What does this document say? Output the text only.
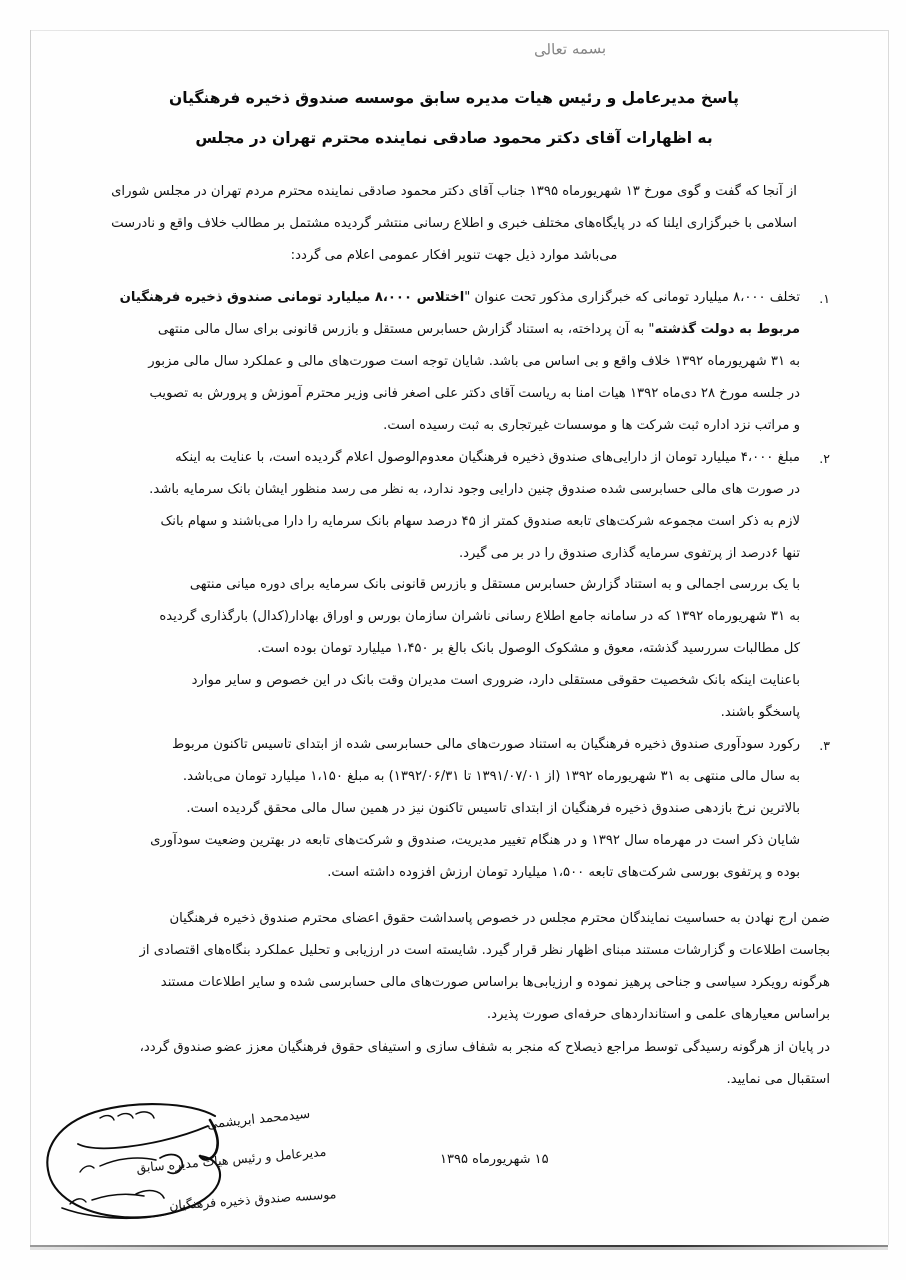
بسمه تعالی
پاسخ مدیرعامل و رئیس هیات مدیره سابق موسسه صندوق ذخیره فرهنگیان
به اظهارات آقای دکتر محمود صادقی نماینده محترم تهران در مجلس
از آنجا که گفت و گوی مورخ ۱۳ شهریورماه ۱۳۹۵ جناب آقای دکتر محمود صادقی نماینده محترم مردم تهران در مجلس شورای
اسلامی با خبرگزاری ایلنا که در پایگاه‌های مختلف خبری و اطلاع رسانی منتشر گردیده مشتمل بر مطالب خلاف واقع و نادرست
می‌باشد موارد ذیل جهت تنویر افکار عمومی اعلام می گردد:
۱.
تخلف ۸،۰۰۰ میلیارد تومانی که خبرگزاری مذکور تحت عنوان "اختلاس ۸،۰۰۰ میلیارد تومانی صندوق ذخیره فرهنگیان
مربوط به دولت گذشته" به آن پرداخته، به استناد گزارش حسابرس مستقل و بازرس قانونی برای سال مالی منتهی
به ۳۱ شهریورماه ۱۳۹۲ خلاف واقع و بی اساس می باشد. شایان توجه است صورت‌های مالی و عملکرد سال مالی مزبور
در جلسه مورخ ۲۸ دی‌ماه ۱۳۹۲ هیات امنا به ریاست آقای دکتر علی اصغر فانی وزیر محترم آموزش و پرورش به تصویب
و مراتب نزد اداره ثبت شرکت ها و موسسات غیرتجاری به ثبت رسیده است.
۲.
مبلغ ۴،۰۰۰ میلیارد تومان از دارایی‌های صندوق ذخیره فرهنگیان معدوم‌الوصول اعلام گردیده است، با عنایت به اینکه
در صورت های مالی حسابرسی شده صندوق چنین دارایی وجود ندارد، به نظر می رسد منظور ایشان بانک سرمایه باشد.
لازم به ذکر است مجموعه شرکت‌های تابعه صندوق کمتر از ۴۵ درصد سهام بانک سرمایه را دارا می‌باشند و سهام بانک
تنها ۶درصد از پرتفوی سرمایه گذاری صندوق را در بر می گیرد.
با یک بررسی اجمالی و به استناد گزارش حسابرس مستقل و بازرس قانونی بانک سرمایه برای دوره میانی منتهی
به ۳۱ شهریورماه ۱۳۹۲ که در سامانه جامع اطلاع رسانی ناشران سازمان بورس و اوراق بهادار(کدال) بارگذاری گردیده
کل مطالبات سررسید گذشته، معوق و مشکوک الوصول بانک بالغ بر ۱،۴۵۰ میلیارد تومان بوده است.
باعنایت اینکه بانک شخصیت حقوقی مستقلی دارد، ضروری است مدیران وقت بانک در این خصوص و سایر موارد
پاسخگو باشند.
۳.
رکورد سودآوری صندوق ذخیره فرهنگیان به استناد صورت‌های مالی حسابرسی شده از ابتدای تاسیس تاکنون مربوط
به سال مالی منتهی به ۳۱ شهریورماه ۱۳۹۲ (از ۱۳۹۱/۰۷/۰۱ تا ۱۳۹۲/۰۶/۳۱) به مبلغ ۱،۱۵۰ میلیارد تومان می‌باشد.
بالاترین نرخ بازدهی صندوق ذخیره فرهنگیان از ابتدای تاسیس تاکنون نیز در همین سال مالی محقق گردیده است.
شایان ذکر است در مهرماه سال ۱۳۹۲ و در هنگام تغییر مدیریت، صندوق و شرکت‌های تابعه در بهترین وضعیت سودآوری
بوده و پرتفوی بورسی شرکت‌های تابعه ۱،۵۰۰ میلیارد تومان ارزش افزوده داشته است.
ضمن ارج نهادن به حساسیت نمایندگان محترم مجلس در خصوص پاسداشت حقوق اعضای محترم صندوق ذخیره فرهنگیان
بجاست اطلاعات و گزارشات مستند مبنای اظهار نظر قرار گیرد. شایسته است در ارزیابی و تحلیل عملکرد بنگاه‌های اقتصادی از
هرگونه رویکرد سیاسی و جناحی پرهیز نموده و ارزیابی‌ها براساس صورت‌های مالی حسابرسی شده و سایر اطلاعات مستند
براساس معیارهای علمی و استانداردهای حرفه‌ای صورت پذیرد.
در پایان از هرگونه رسیدگی توسط مراجع ذیصلاح که منجر به شفاف سازی و استیفای حقوق فرهنگیان معزز عضو صندوق گردد،
استقبال می نمایید.
سیدمحمد ابریشمی
مدیرعامل و رئیس هیات مدیره سابق
موسسه صندوق ذخیره فرهنگیان
۱۵ شهریورماه ۱۳۹۵
